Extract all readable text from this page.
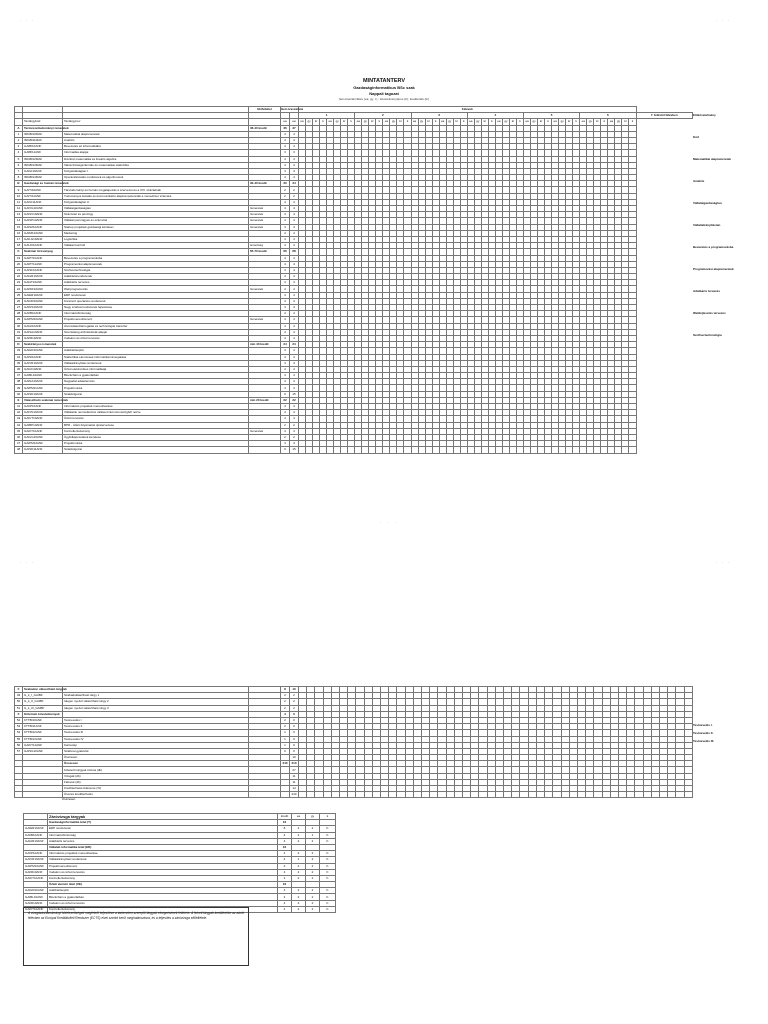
· · ·	· · ·
· · ·
· · ·	· · ·
MINTATANTERV
Gazdaságinformatikus BSc szak
Nappali tagozat
heti óraszám/félév (ea; gy; l.) - követelménytípus (K); kreditérték (kr)
			Előfeltétel	Heti óraszámok		Félévek																																																
						1								2								3								4								5								6								7. félévtől félévben
	Tantárgykód	Tantárgynév		ea	ea	ea	gy	kr	k	ea	gy	kr	k	ea	gy	kr	k	ea	gy	kr	k	ea	gy	kr	k	ea	gy	kr	k	ea	gy	kr	k	ea	gy	kr	k	ea	gy	kr	k	ea	gy	kr	k	ea	gy	kr	k	ea	gy	kr	k	
A	Természettudományi ismeretek		36-40 kredit	36	37																																																	
1	IMGBI10MAF	Matematikai alapismeretek		4	4																																																	
2	IMGBI11MAF	Analízis		4	4																																																	
3	GAIBI10ANF	Bevezetés az informatikába		4	4																																																	
4	GAIBI11ANF	Informatika alapjai		3	3																																																	
5	IMGBI12MAF	Diszkrét matematika és lineáris algebra		4	4																																																	
6	IMGBI13MAF	Valószínűségszámítás és matematikai statisztika		4	4																																																	
7	GAIGI10ANF	Közgazdaságtan I.		4	4																																																	
8	IMGBI14MAF	Operációkutatás módszerek és algoritmusok		4	4																																																	
B	Gazdasági és humán ismeretek		30-40 kredit	30	34																																																	
9	GAITI10ANF	Társtudományi és humán megalapozás a szervezet és a XXI. századnak		2	2																																																	
10	GAITI11ANF	Tudományos kutatás és kommunikáció alapkompetenciák a menedzser számára		2	2																																																	
11	GAIGI11ANF	Közgazdaságtan II.		4	4																																																	
12	GAIVG10ANF	Vállalatgazdaságtan	Ismeretek	4	4																																																	
13	GAISV10ANF	Számvitel és pénzügy	Ismeretek	4	4																																																	
14	GAISP10ANF	Vállalati pénzügyek és számvitel	Ismeretek	4	4																																																	
15	GAISZ10ANF	Startup projektek gazdasági kérdései	Ismeretek	4	4																																																	
16	GAIMK10ANF	Marketing		4	4																																																	
17	GAILG10ANF	Logisztika		4	4																																																	
18	GAIJO10ANF	Vállalati kontroll	ismertség	4	4																																																	
C	Szakmai törzsanyag		65-70 kredit	66	68																																																	
19	GAIPT10ANF	Bevezetés a programozásba		4	4																																																	
20	GAIPT11ANF	Programozási alapismeretek		4	4																																																	
21	GAISF10ANF	Szoftvertechnológia		4	4																																																	
22	GAIAR10ANF	Adatbázisrendszerek		4	4																																																	
23	GAIAT10ANF	Adatbázis tervezés		4	4																																																	
24	GAIWF10ANF	Webprogramozás	Ismeretek	4	4																																																	
25	GAIER10ANF	ERP rendszerek		4	4																																																	
26	GAIOR10ANF	Korszerű operációs rendszerek		4	4																																																	
27	GAINS10ANF	Nagy szoftverrendszerek fejlesztése		4	4																																																	
28	GAIIB10ANF	Információbiztonság		4	4																																																	
29	GAIPM10ANF	Projektmenedzsment	Ismeretek	4	4																																																	
30	GAIAI10ANF	Átvonulássztámogatás és technológiai transzfer		4	4																																																	
31	GAISA10ANF	Szemléletig architektúrák alapjai		4	4																																																	
32	GAIIR10ANF	Irodalom és üzleti tervezés		4	4																																																	
D	Szakirányos ismeretek		min 40 kredit	24	24																																																	
33	GAIHR10ANF	Adatbázisépítő		4	4																																																	
34	GAISI10ANF	Statisztikai elemzések informatikai támogatása		4	4																																																	
35	GAIVR10ANF	Vállalatirányítási rendszerek		4	4																																																	
36	GAIUI10ANF	Üzleti elektronikus informatikája		4	4																																																	
37	GAIBL10ANF	Blockchain a gyakorlatban		4	4																																																	
38	GAINA10ANF	Nagyadat adatelemzés		4	4																																																	
39	GAIPM11ANF	Projektmunka		4	4																																																	
40	GAISD10ANF	Szakdolgozat		0	15																																																	
E	Választható szakmai ismeretek		min 20 kredit	22	22																																																	
41	GAIIP10ANF	Információs projektek menedzselése		4	4																																																	
42	GAIVN10ANF	Vállalatok nemzetközivé válása üzleti szemszögből nézve		4	4																																																	
43	GAIUT10ANF	Üzleti tervezés		4	4																																																	
44	GAIBP10ANF	BPR - üzleti folyamatok újratervezése		2	2																																																	
45	GAIKT10ANF	Kontrollertudomány	Ismeretek	4	4																																																	
46	GAIUG10ANF	Ügyfélkapcsolatok kezelése		2	2																																																	
47	GAIPM12ANF	Projektmunka		4	4																																																	
48	GAISD11ANF	Szakdolgozat		0	15																																																	
Előkövetelmény
Kód
Matematikai alapismeretek
Analízis
Vállalatgazdaságtan
Vállalatirányítástan
Bevezetés a programozásba
Programozási alapismeretek
Adatbázis tervezés
Webfejlesztés tervezés
Szoftvertechnológia
F	Szabadon választható tárgyak			8	10																																																
49	G_k_I_GAIBF	Szabadválasztható tárgy 1		2	2																																																
50	G_k_II_GAIBF	Idegen nyelvű választható tárgy 2		2	2																																																
51	G_k_III_GAIBF	Idegen nyelvű választható tárgy 3		2	2																																																
F	Kritérium követelmények			4	0																																																
52	KTTBI10ANF	Testnevelés I		2	0																																																
53	KTTBI11ANF	Testnevelés II		2	0																																																
54	KTTBI12ANF	Testnevelés III		1	0																																																
55	KTTBI13ANF	Testnevelés IV		1	0																																																
56	GAIKT11ANF	Karrieriép		1	0																																																
57	GAISG10ANF	Szakmai gyakorlat		0	0																																																
		Összesen			10																																																
		Összesen		240	210																																																
		Kötelező tárgyak száma (db)			27																																																
		Vizsgák (db)			11																																																
		Félévek (db)			11																																																
		Kreditterhelés félévente (%)			14																																																
		Összes kreditterhelés			240																																																
Testnevelés I.
Testnevelés II.
Testnevelés III.
Összesen
	Záróvizsga tárgyak	kredit	ea	gy	k
	Gazdaságinformatika tétel (T)	16			
GAIER10ANF	ERP rendszerek	8	2	2	K
GAIIB10ANF	Információbiztonság	4	2	1	K
GAIAR10ANF	Adatbázis tervezés	4	2	2	K
	Vállalati informatika tétel (ER)	16			
GAIIP10ANF	Információs projektek menedzselése	4	2	2	K
GAIVR10ANF	Vállalatirányítási rendszerek	4	1	2	K
GAIPM10ANF	Projektmenedzsment	4	2	2	K
GAIIR10ANF	Irodalom és üzleti tervezés	4	2	2	K
GAIKT10ANF	Kontrollertudomány	4	2	2	K
	Üzleti elemző tétel (UE)	16			
GAIHR10ANF	Adatbázisépítő	4	2	2	K
GAIBL10ANF	Blockchain a gyakorlatban	4	2	2	K
GAIIR10ANF	Irodalom és üzleti tervezés	4	2	2	K
GAIKT10ANF	Kontrollertudomány	4	2	2	K
A vizsgázás/tanulmányi kötelezettségek megfelelő teljesítése a tantervben szereplő tárgyak elvégzésének feltétele. A felvett tárgyak kreditértéke az adott félévben az Európai Kreditátviteli Rendszer (ECTS) elvei szerint kerül meghatározásra, és a teljesítés a záróvizsga előfeltétele.
